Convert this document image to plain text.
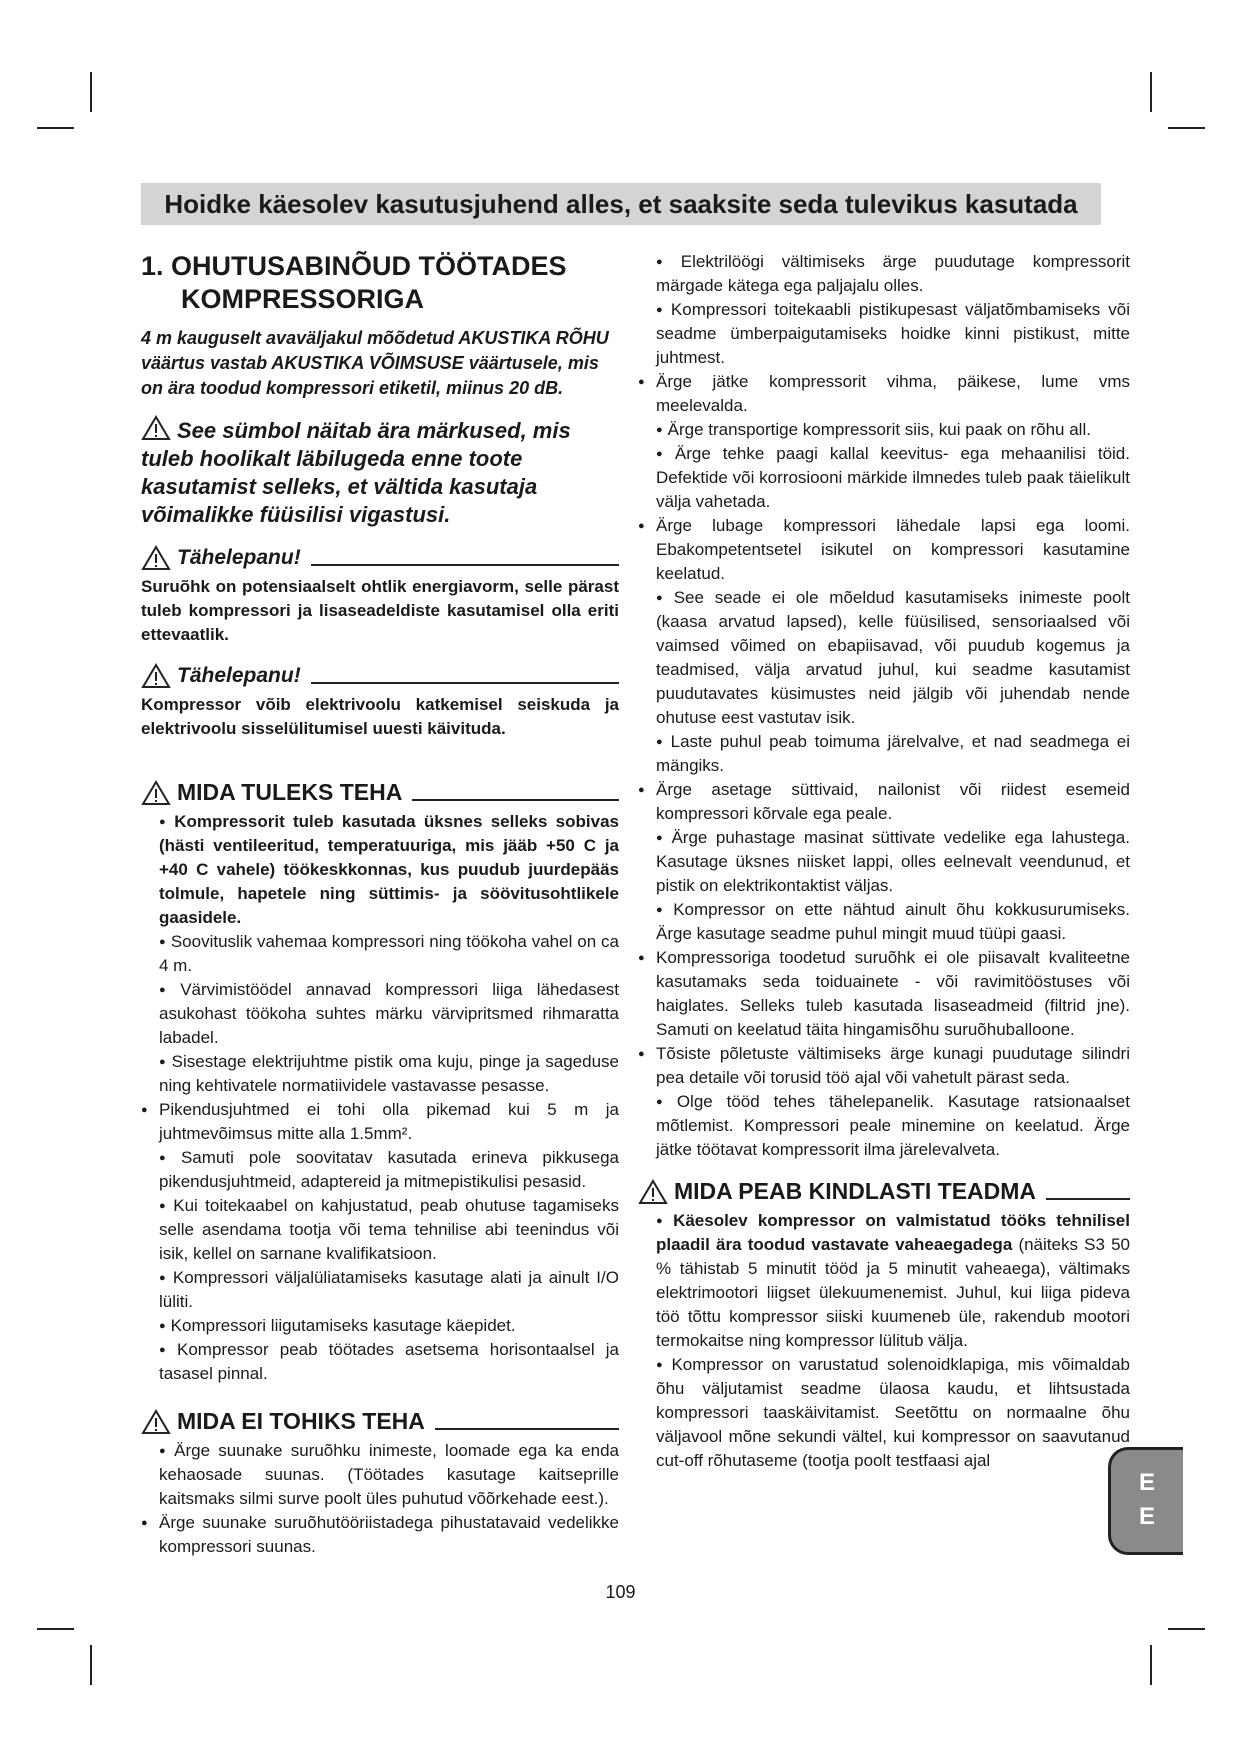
Hoidke käesolev kasutusjuhend alles, et saaksite seda tulevikus kasutada
1. OHUTUSABINÕUD TÖÖTADES
KOMPRESSORIGA

4 m kauguselt avaväljakul mõõdetud AKUSTIKA RÕHU väärtus vastab AKUSTIKA VÕIMSUSE väärtusele, mis on ära toodud kompressori etiketil, miinus 20 dB.

See sümbol näitab ära märkused, mis tuleb hoolikalt läbilugeda enne toote kasutamist selleks, et vältida kasutaja võimalikke füüsilisi vigastusi.

Tähelepanu!

Suruõhk on potensiaalselt ohtlik energiavorm, selle pärast tuleb kompressori ja lisaseadeldiste kasutamisel olla eriti ettevaatlik.

Tähelepanu!

Kompressor võib elektrivoolu katkemisel seiskuda ja elektrivoolu sisselülitumisel uuesti käivituda.

MIDA TULEKS TEHA
● Kompressorit tuleb kasutada üksnes selleks sobivas (hästi ventileeritud, temperatuuriga, mis jääb +50 C ja +40 C vahele) töökeskkonnas, kus puudub juurdepääs tolmule, hapetele ning süttimis- ja söövitusohtlikele gaasidele.
● Soovituslik vahemaa kompressori ning töökoha vahel on ca 4 m.
● Värvimistöödel annavad kompressori liiga lähedasest asukohast töökoha suhtes märku värvipritsmed rihmaratta labadel.
● Sisestage elektrijuhtme pistik oma kuju, pinge ja sageduse ning kehtivatele normatiividele vastavasse pesasse.
● Pikendusjuhtmed ei tohi olla pikemad kui 5 m ja juhtmevõimsus mitte alla 1.5mm².
● Samuti pole soovitatav kasutada erineva pikkusega pikendusjuhtmeid, adaptereid ja mitmepistikulisi pesasid.
● Kui toitekaabel on kahjustatud, peab ohutuse tagamiseks selle asendama tootja või tema tehnilise abi teenindus või isik, kellel on sarnane kvalifikatsioon.
● Kompressori väljalüliatamiseks kasutage alati ja ainult I/O lüliti.
● Kompressori liigutamiseks kasutage käepidet.
● Kompressor peab töötades asetsema horisontaalsel ja tasasel pinnal.
MIDA EI TOHIKS TEHA
● Ärge suunake suruõhku inimeste, loomade ega ka enda kehaosade suunas. (Töötades kasutage kaitseprille kaitsmaks silmi surve poolt üles puhutud võõrkehade eest.).
● Ärge suunake suruõhutööriistadega pihustatavaid vedelikke kompressori suunas.
● Elektrilöögi vältimiseks ärge puudutage kompressorit märgade kätega ega paljajalu olles.
● Kompressori toitekaabli pistikupesast väljatõmbamiseks või seadme ümberpaigutamiseks hoidke kinni pistikust, mitte juhtmest.
● Ärge jätke kompressorit vihma, päikese, lume vms meelevalda.
● Ärge transportige kompressorit siis, kui paak on rõhu all.
● Ärge tehke paagi kallal keevitus- ega mehaanilisi töid. Defektide või korrosiooni märkide ilmnedes tuleb paak täielikult välja vahetada.
● Ärge lubage kompressori lähedale lapsi ega loomi. Ebakompetentsetel isikutel on kompressori kasutamine keelatud.
● See seade ei ole mõeldud kasutamiseks inimeste poolt (kaasa arvatud lapsed), kelle füüsilised, sensoriaalsed või vaimsed võimed on ebapiisavad, või puudub kogemus ja teadmised, välja arvatud juhul, kui seadme kasutamist puudutavates küsimustes neid jälgib või juhendab nende ohutuse eest vastutav isik.
● Laste puhul peab toimuma järelvalve, et nad seadmega ei mängiks.
● Ärge asetage süttivaid, nailonist või riidest esemeid kompressori kõrvale ega peale.
● Ärge puhastage masinat süttivate vedelike ega lahustega. Kasutage üksnes niisket lappi, olles eelnevalt veendunud, et pistik on elektrikontaktist väljas.
● Kompressor on ette nähtud ainult õhu kokkusurumiseks. Ärge kasutage seadme puhul mingit muud tüüpi gaasi.
● Kompressoriga toodetud suruõhk ei ole piisavalt kvaliteetne kasutamaks seda toiduainete - või ravimitööstuses või haiglates. Selleks tuleb kasutada lisaseadmeid (filtrid jne). Samuti on keelatud täita hingamisõhu suruõhuballoone.
● Tõsiste põletuste vältimiseks ärge kunagi puudutage silindri pea detaile või torusid töö ajal või vahetult pärast seda.
● Olge tööd tehes tähelepanelik. Kasutage ratsionaalset mõtlemist. Kompressori peale minemine on keelatud. Ärge jätke töötavat kompressorit ilma järelevalveta.
MIDA PEAB KINDLASTI TEADMA
● Käesolev kompressor on valmistatud tööks tehnilisel plaadil ära toodud vastavate vaheaegadega (näiteks S3 50 % tähistab 5 minutit tööd ja 5 minutit vaheaega), vältimaks elektrimootori liigset ülekuumenemist. Juhul, kui liiga pideva töö tõttu kompressor siiski kuumeneb üle, rakendub mootori termokaitse ning kompressor lülitub välja.
● Kompressor on varustatud solenoidklapiga, mis võimaldab õhu väljutamist seadme ülaosa kaudu, et lihtsustada kompressori taaskäivitamist. Seetõttu on normaalne õhu väljavool mõne sekundi vältel, kui kompressor on saavutanud cut-off rõhutaseme (tootja poolt testfaasi ajal
E
E
109
